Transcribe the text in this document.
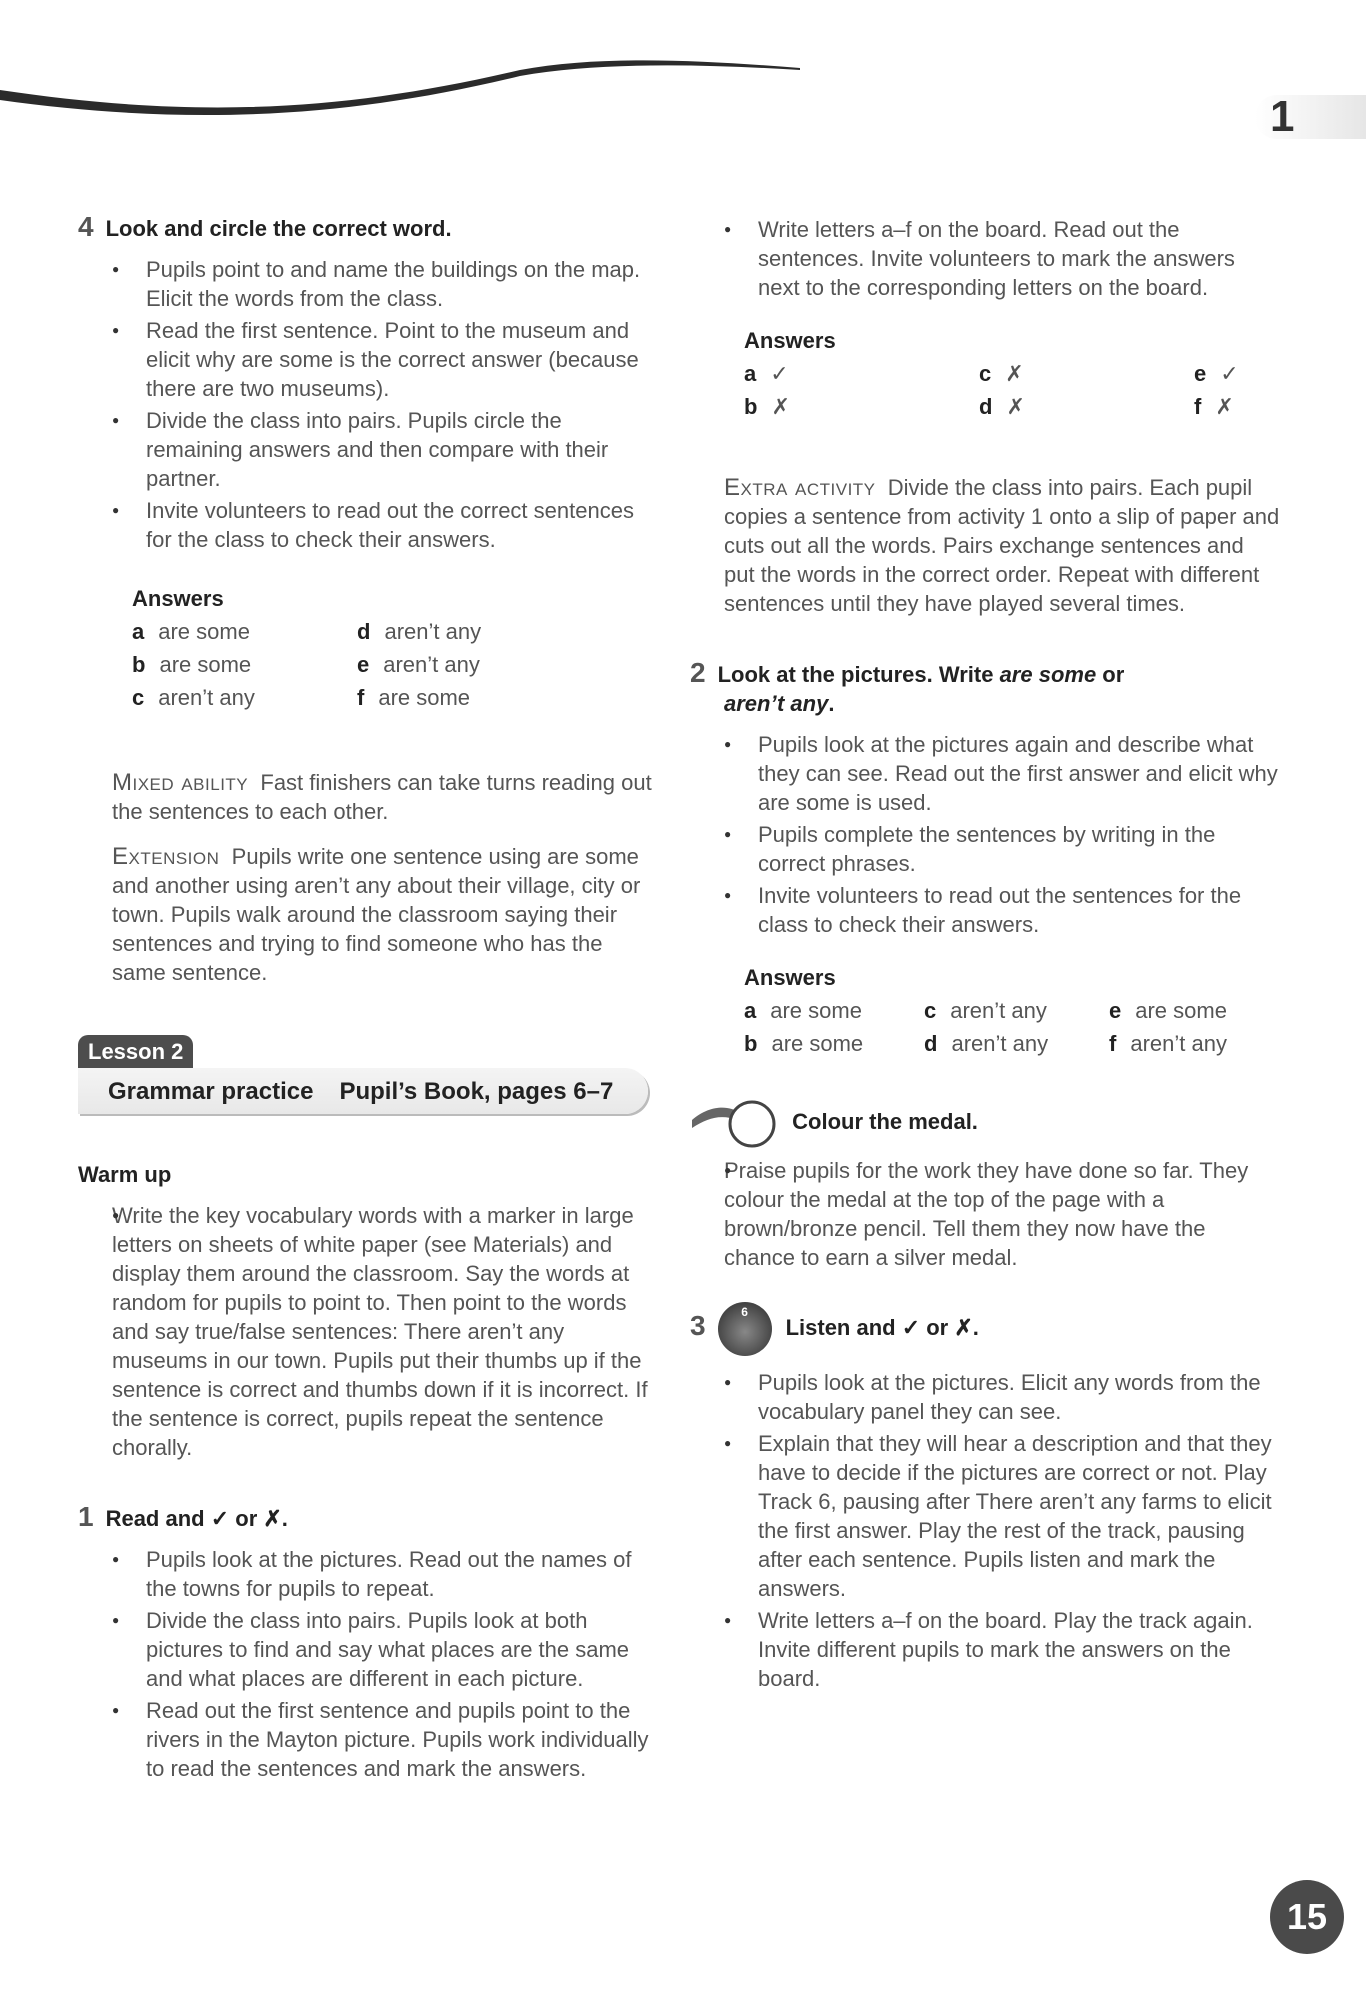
1

4 Look and circle the correct word.

● Pupils point to and name the buildings on the map. Elicit the words from the class.
● Read the first sentence. Point to the museum and elicit why are some is the correct answer (because there are two museums).
● Divide the class into pairs. Pupils circle the remaining answers and then compare with their partner.
● Invite volunteers to read out the correct sentences for the class to check their answers.
Answers
a are some	d aren’t any
b are some	e aren’t any
c aren’t any	f are some

Mixed ability Fast finishers can take turns reading out the sentences to each other.

Extension Pupils write one sentence using are some and another using aren’t any about their village, city or town. Pupils walk around the classroom saying their sentences and trying to find someone who has the same sentence.

Lesson 2
Grammar practice Pupil’s Book, pages 6–7

Warm up

● Write the key vocabulary words with a marker in large letters on sheets of white paper (see Materials) and display them around the classroom. Say the words at random for pupils to point to. Then point to the words and say true/false sentences: There aren’t any museums in our town. Pupils put their thumbs up if the sentence is correct and thumbs down if it is incorrect. If the sentence is correct, pupils repeat the sentence chorally.

1 Read and ✓ or ✗.

● Pupils look at the pictures. Read out the names of the towns for pupils to repeat.
● Divide the class into pairs. Pupils look at both pictures to find and say what places are the same and what places are different in each picture.
● Read out the first sentence and pupils point to the rivers in the Mayton picture. Pupils work individually to read the sentences and mark the answers.
● Write letters a–f on the board. Read out the sentences. Invite volunteers to mark the answers next to the corresponding letters on the board.
Answers
a ✓	c ✗	e ✓
b ✗	d ✗	f ✗

Extra activity Divide the class into pairs. Each pupil copies a sentence from activity 1 onto a slip of paper and cuts out all the words. Pairs exchange sentences and put the words in the correct order. Repeat with different sentences until they have played several times.

2 Look at the pictures. Write are some or
aren’t any.

● Pupils look at the pictures again and describe what they can see. Read out the first answer and elicit why are some is used.
● Pupils complete the sentences by writing in the correct phrases.
● Invite volunteers to read out the sentences for the class to check their answers.
Answers
a are some	c aren’t any	e are some
b are some	d aren’t any	f aren’t any

Colour the medal.

● Praise pupils for the work they have done so far. They colour the medal at the top of the page with a brown/bronze pencil. Tell them they now have the chance to earn a silver medal.

3	6Listen and ✓ or ✗.

● Pupils look at the pictures. Elicit any words from the vocabulary panel they can see.
● Explain that they will hear a description and that they have to decide if the pictures are correct or not. Play Track 6, pausing after There aren’t any farms to elicit the first answer. Play the rest of the track, pausing after each sentence. Pupils listen and mark the answers.
● Write letters a–f on the board. Play the track again. Invite different pupils to mark the answers on the board.
15
